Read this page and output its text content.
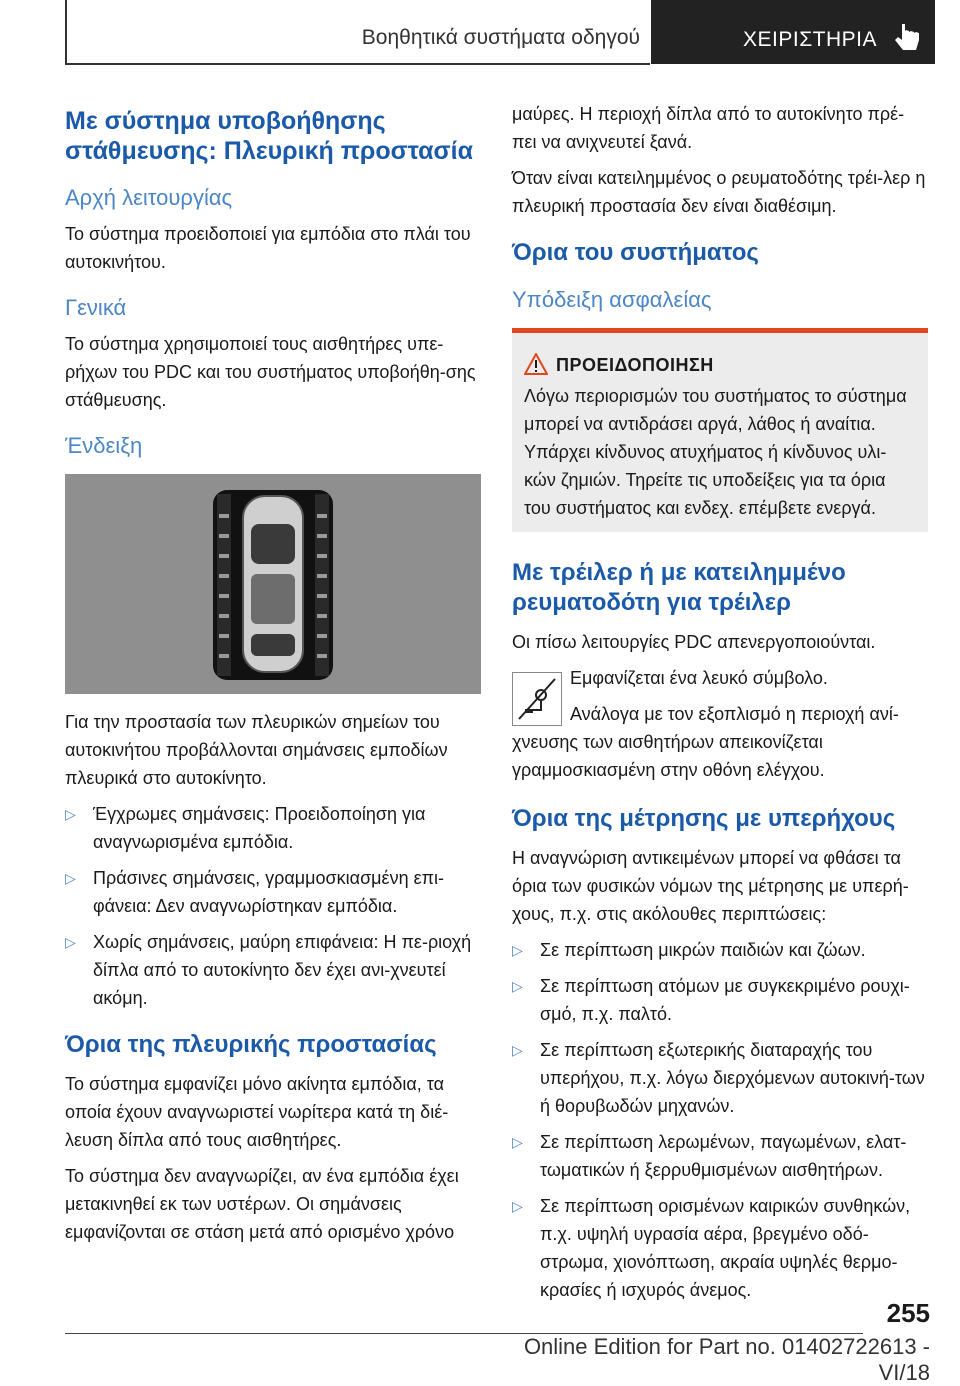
Βοηθητικά συστήματα οδηγού	ΧΕΙΡΙΣΤΗΡΙΑ
Με σύστημα υποβοήθησης στάθμευσης: Πλευρική προστασία
Αρχή λειτουργίας

Το σύστημα προειδοποιεί για εμπόδια στο πλάι του αυτοκινήτου.

Γενικά

Το σύστημα χρησιμοποιεί τους αισθητήρες υπε-ρήχων του PDC και του συστήματος υποβοήθη-σης στάθμευσης.

Ένδειξη

Για την προστασία των πλευρικών σημείων του αυτοκινήτου προβάλλονται σημάνσεις εμποδίων πλευρικά στο αυτοκίνητο.

▷ Έγχρωμες σημάνσεις: Προειδοποίηση για αναγνωρισμένα εμπόδια.
▷ Πράσινες σημάνσεις, γραμμοσκιασμένη επι-φάνεια: Δεν αναγνωρίστηκαν εμπόδια.
▷ Χωρίς σημάνσεις, μαύρη επιφάνεια: Η πε-ριοχή δίπλα από το αυτοκίνητο δεν έχει ανι-χνευτεί ακόμη.
Όρια της πλευρικής προστασίας

Το σύστημα εμφανίζει μόνο ακίνητα εμπόδια, τα οποία έχουν αναγνωριστεί νωρίτερα κατά τη διέ-λευση δίπλα από τους αισθητήρες.

Το σύστημα δεν αναγνωρίζει, αν ένα εμπόδια έχει μετακινηθεί εκ των υστέρων. Οι σημάνσεις εμφανίζονται σε στάση μετά από ορισμένο χρόνο

μαύρες. Η περιοχή δίπλα από το αυτοκίνητο πρέ-πει να ανιχνευτεί ξανά.

Όταν είναι κατειλημμένος ο ρευματοδότης τρέι-λερ η πλευρική προστασία δεν είναι διαθέσιμη.

Όρια του συστήματος
Υπόδειξη ασφαλείας
ΠΡΟΕΙΔΟΠΟΙΗΣΗ

Λόγω περιορισμών του συστήματος το σύστημα μπορεί να αντιδράσει αργά, λάθος ή αναίτια. Υπάρχει κίνδυνος ατυχήματος ή κίνδυνος υλι-κών ζημιών. Τηρείτε τις υποδείξεις για τα όρια του συστήματος και ενδεχ. επέμβετε ενεργά.

Με τρέιλερ ή με κατειλημμένο ρευματοδότη για τρέιλερ

Οι πίσω λειτουργίες PDC απενεργοποιούνται.

Εμφανίζεται ένα λευκό σύμβολο.

Ανάλογα με τον εξοπλισμό η περιοχή ανί-χνευσης των αισθητήρων απεικονίζεται γραμμοσκιασμένη στην οθόνη ελέγχου.

Όρια της μέτρησης με υπερήχους

Η αναγνώριση αντικειμένων μπορεί να φθάσει τα όρια των φυσικών νόμων της μέτρησης με υπερή-χους, π.χ. στις ακόλουθες περιπτώσεις:

▷ Σε περίπτωση μικρών παιδιών και ζώων.
▷ Σε περίπτωση ατόμων με συγκεκριμένο ρουχι-σμό, π.χ. παλτό.
▷ Σε περίπτωση εξωτερικής διαταραχής του υπερήχου, π.χ. λόγω διερχόμενων αυτοκινή-των ή θορυβωδών μηχανών.
▷ Σε περίπτωση λερωμένων, παγωμένων, ελατ-τωματικών ή ξερρυθμισμένων αισθητήρων.
▷ Σε περίπτωση ορισμένων καιρικών συνθηκών, π.χ. υψηλή υγρασία αέρα, βρεγμένο οδό-στρωμα, χιονόπτωση, ακραία υψηλές θερμο-κρασίες ή ισχυρός άνεμος.
255
Online Edition for Part no. 01402722613 - VI/18
